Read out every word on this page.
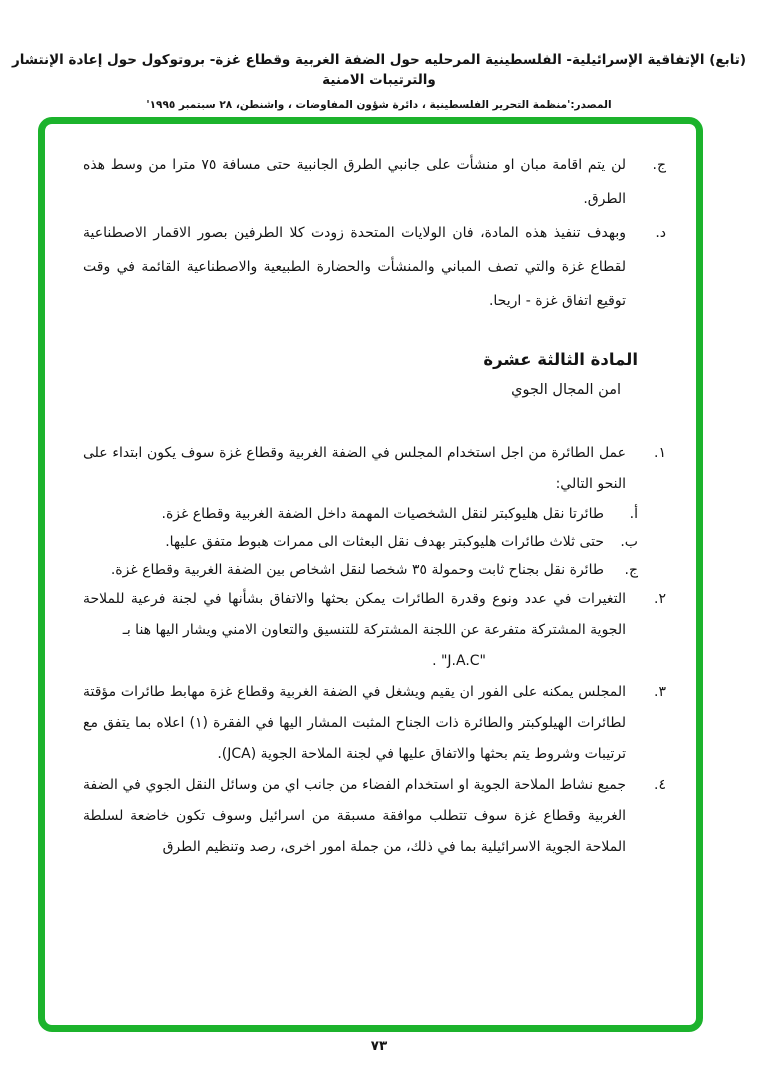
(تابع) الإتفاقية الإسرائيلية- الفلسطينية المرحليه حول الضفة الغربية وقطاع غزة- بروتوكول حول إعادة الإنتشار والترتيبات الامنية
المصدر:'منظمة التحرير الفلسطينية ، دائرة شؤون المفاوضات ، واشنطن، ٢٨ سبتمبر ١٩٩٥'
ج.
لن يتم اقامة مبان او منشأت على جانبي الطرق الجانبية حتى مسافة ٧٥ مترا من وسط هذه الطرق.
د.
وبهدف تنفيذ هذه المادة، فان الولايات المتحدة زودت كلا الطرفين بصور الاقمار الاصطناعية لقطاع غزة والتي تصف المباني والمنشأت والحضارة الطبيعية والاصطناعية القائمة في وقت توقيع اتفاق غزة - اريحا.
المادة الثالثة عشرة
امن المجال الجوي
١.
عمل الطائرة من اجل استخدام المجلس في الضفة الغربية وقطاع غزة سوف يكون ابتداء على النحو التالي:
أ.
طائرتا نقل هليوكبتر لنقل الشخصيات المهمة داخل الضفة الغربية وقطاع غزة.
ب.
حتى ثلاث طائرات هليوكبتر بهدف نقل البعثات الى ممرات هبوط متفق عليها.
ج.
طائرة نقل بجناح ثابت وحمولة ٣٥ شخصا لنقل اشخاص بين الضفة الغربية وقطاع غزة.
٢.
التغيرات في عدد ونوع وقدرة الطائرات يمكن بحثها والاتفاق بشأنها في لجنة فرعية للملاحة الجوية المشتركة متفرعة عن اللجنة المشتركة للتنسيق والتعاون الامني ويشار اليها هنا بـ
"J.A.C" .
٣.
المجلس يمكنه على الفور ان يقيم ويشغل في الضفة الغربية وقطاع غزة مهابط طائرات مؤقتة لطائرات الهيلوكبتر والطائرة ذات الجناح المثبت المشار اليها في الفقرة (١) اعلاه بما يتفق مع ترتيبات وشروط يتم بحثها والاتفاق عليها في لجنة الملاحة الجوية (JCA).
٤.
جميع نشاط الملاحة الجوية او استخدام الفضاء من جانب اي من وسائل النقل الجوي في الضفة الغربية وقطاع غزة سوف تتطلب موافقة مسبقة من اسرائيل وسوف تكون خاضعة لسلطة الملاحة الجوية الاسرائيلية بما في ذلك، من جملة امور اخرى، رصد وتنظيم الطرق
٧٣
